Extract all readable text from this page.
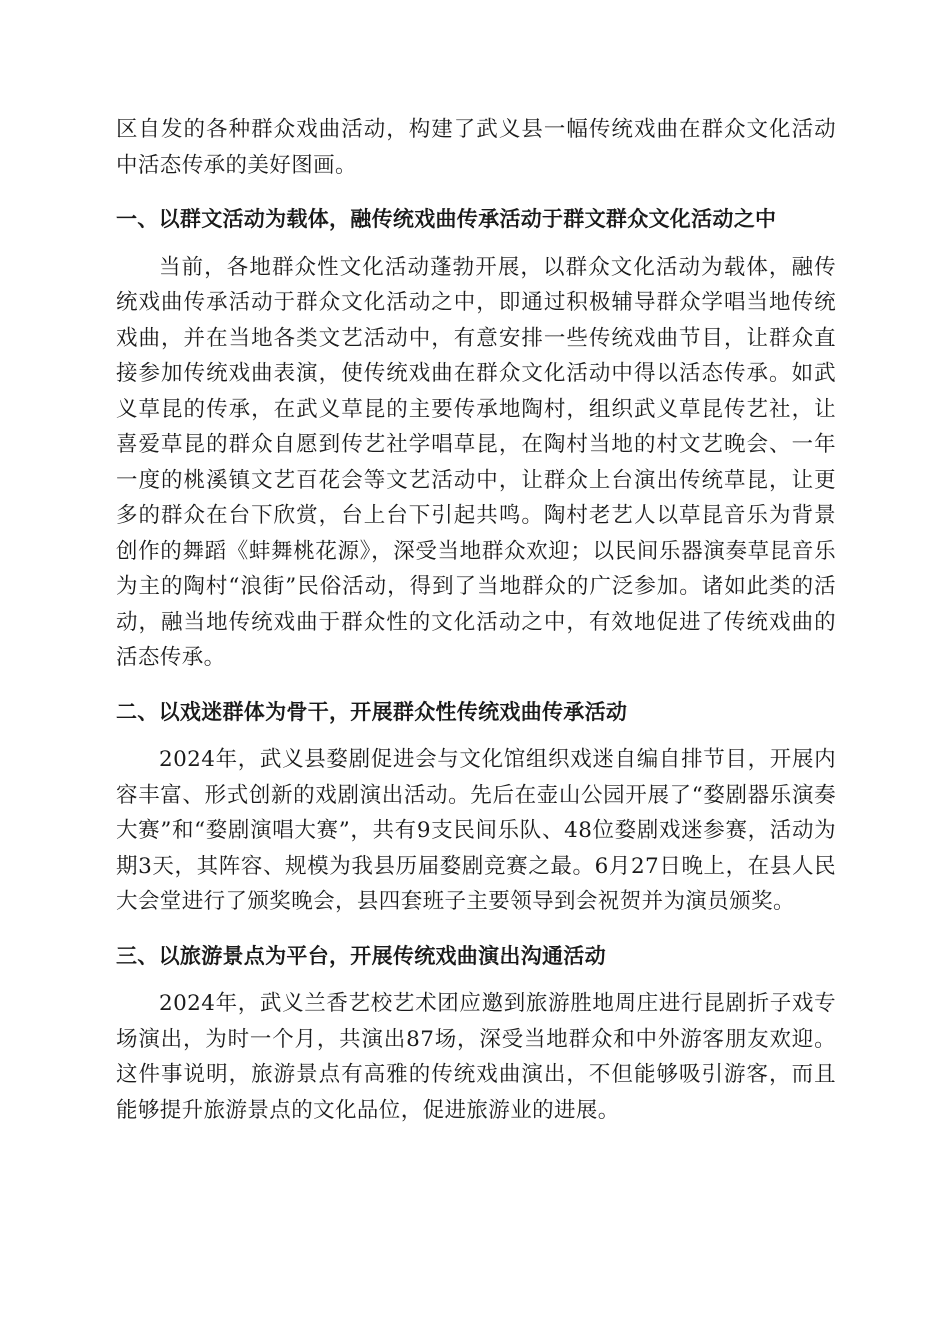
区自发的各种群众戏曲活动，构建了武义县一幅传统戏曲在群众文化活动中活态传承的美好图画。

一、以群文活动为载体，融传统戏曲传承活动于群文群众文化活动之中

当前，各地群众性文化活动蓬勃开展，以群众文化活动为载体，融传统戏曲传承活动于群众文化活动之中，即通过积极辅导群众学唱当地传统戏曲，并在当地各类文艺活动中，有意安排一些传统戏曲节目，让群众直接参加传统戏曲表演，使传统戏曲在群众文化活动中得以活态传承。如武义草昆的传承，在武义草昆的主要传承地陶村，组织武义草昆传艺社，让喜爱草昆的群众自愿到传艺社学唱草昆，在陶村当地的村文艺晚会、一年一度的桃溪镇文艺百花会等文艺活动中，让群众上台演出传统草昆，让更多的群众在台下欣赏，台上台下引起共鸣。陶村老艺人以草昆音乐为背景创作的舞蹈《蚌舞桃花源》，深受当地群众欢迎；以民间乐器演奏草昆音乐为主的陶村“浪街”民俗活动，得到了当地群众的广泛参加。诸如此类的活动，融当地传统戏曲于群众性的文化活动之中，有效地促进了传统戏曲的活态传承。

二、以戏迷群体为骨干，开展群众性传统戏曲传承活动

2024年，武义县婺剧促进会与文化馆组织戏迷自编自排节目，开展内容丰富、形式创新的戏剧演出活动。先后在壶山公园开展了“婺剧器乐演奏大赛”和“婺剧演唱大赛”，共有9支民间乐队、48位婺剧戏迷参赛，活动为期3天，其阵容、规模为我县历届婺剧竞赛之最。6月27日晚上，在县人民大会堂进行了颁奖晚会，县四套班子主要领导到会祝贺并为演员颁奖。

三、以旅游景点为平台，开展传统戏曲演出沟通活动

2024年，武义兰香艺校艺术团应邀到旅游胜地周庄进行昆剧折子戏专场演出，为时一个月，共演出87场，深受当地群众和中外游客朋友欢迎。这件事说明，旅游景点有高雅的传统戏曲演出，不但能够吸引游客，而且能够提升旅游景点的文化品位，促进旅游业的进展。
